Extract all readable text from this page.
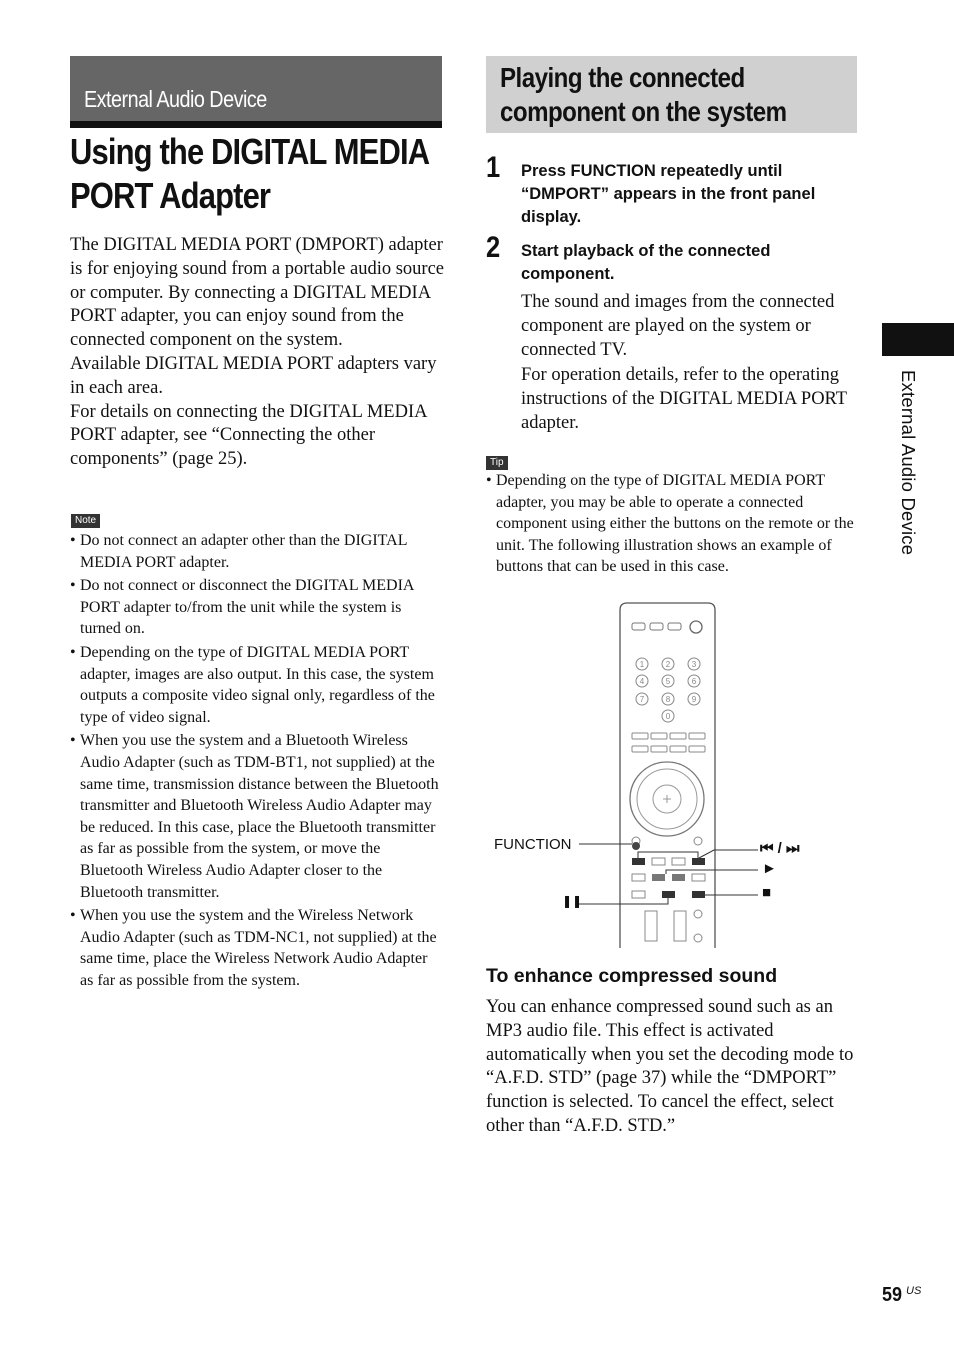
External Audio Device
Using the DIGITAL MEDIA
PORT Adapter

The DIGITAL MEDIA PORT (DMPORT) adapter is for enjoying sound from a portable audio source or computer. By connecting a DIGITAL MEDIA PORT adapter, you can enjoy sound from the connected component on the system.

Available DIGITAL MEDIA PORT adapters vary in each area.

For details on connecting the DIGITAL MEDIA PORT adapter, see “Connecting the other components” (page 25).

Note
• Do not connect an adapter other than the DIGITAL MEDIA PORT adapter.
• Do not connect or disconnect the DIGITAL MEDIA PORT adapter to/from the unit while the system is turned on.
• Depending on the type of DIGITAL MEDIA PORT adapter, images are also output. In this case, the system outputs a composite video signal only, regardless of the type of video signal.
• When you use the system and a Bluetooth Wireless Audio Adapter (such as TDM-BT1, not supplied) at the same time, transmission distance between the Bluetooth transmitter and Bluetooth Wireless Audio Adapter may be reduced. In this case, place the Bluetooth transmitter as far as possible from the system, or move the Bluetooth Wireless Audio Adapter closer to the Bluetooth transmitter.
• When you use the system and the Wireless Network Audio Adapter (such as TDM-NC1, not supplied) at the same time, place the Wireless Network Audio Adapter as far as possible from the system.
Playing the connected
component on the system
1 Press FUNCTION repeatedly until “DMPORT” appears in the front panel display.
2 Start playback of the connected component.

The sound and images from the connected component are played on the system or connected TV.

For operation details, refer to the operating instructions of the DIGITAL MEDIA PORT adapter.

Tip
• Depending on the type of DIGITAL MEDIA PORT adapter, you may be able to operate a connected component using either the buttons on the remote or the unit. The following illustration shows an example of buttons that can be used in this case.
1	2	3
4	5	6
7	8	9
0
FUNCTION	⏮ / ⏭
►
■
❚❚
To enhance compressed sound

You can enhance compressed sound such as an MP3 audio file. This effect is activated automatically when you set the decoding mode to “A.F.D. STD” (page 37) while the “DMPORT” function is selected. To cancel the effect, select other than “A.F.D. STD.”

External Audio Device
59 US
